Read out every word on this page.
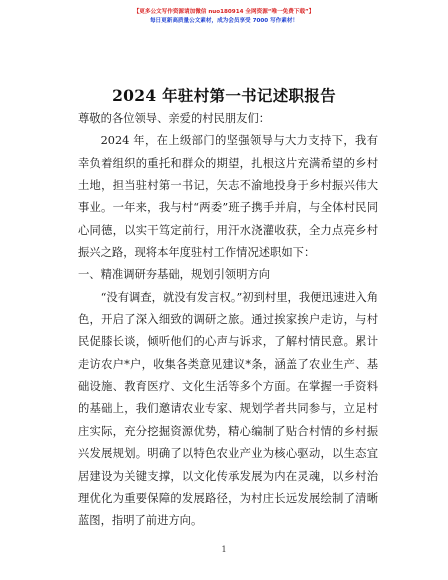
【更多公文写作资源请加微信 nuo180914 全网资源“唯一免费下载”】
每日更新高质量公文素材，成为会员享受 7000 写作素材！
2024 年驻村第一书记述职报告

尊敬的各位领导、亲爱的村民朋友们：

2024 年，在上级部门的坚强领导与大力支持下，我有幸负着组织的重托和群众的期望，扎根这片充满希望的乡村土地，担当驻村第一书记，矢志不渝地投身于乡村振兴伟大事业。一年来，我与村“两委”班子携手并肩，与全体村民同心同德，以实干笃定前行，用汗水浇灌收获，全力点亮乡村振兴之路，现将本年度驻村工作情况述职如下：

一、精准调研夯基础，规划引领明方向

“没有调查，就没有发言权。”初到村里，我便迅速进入角色，开启了深入细致的调研之旅。通过挨家挨户走访，与村民促膝长谈，倾听他们的心声与诉求，了解村情民意。累计走访农户*户，收集各类意见建议*条，涵盖了农业生产、基础设施、教育医疗、文化生活等多个方面。在掌握一手资料的基础上，我们邀请农业专家、规划学者共同参与，立足村庄实际，充分挖掘资源优势，精心编制了贴合村情的乡村振兴发展规划。明确了以特色农业产业为核心驱动，以生态宜居建设为关键支撑，以文化传承发展为内在灵魂，以乡村治理优化为重要保障的发展路径，为村庄长远发展绘制了清晰蓝图，指明了前进方向。

1
